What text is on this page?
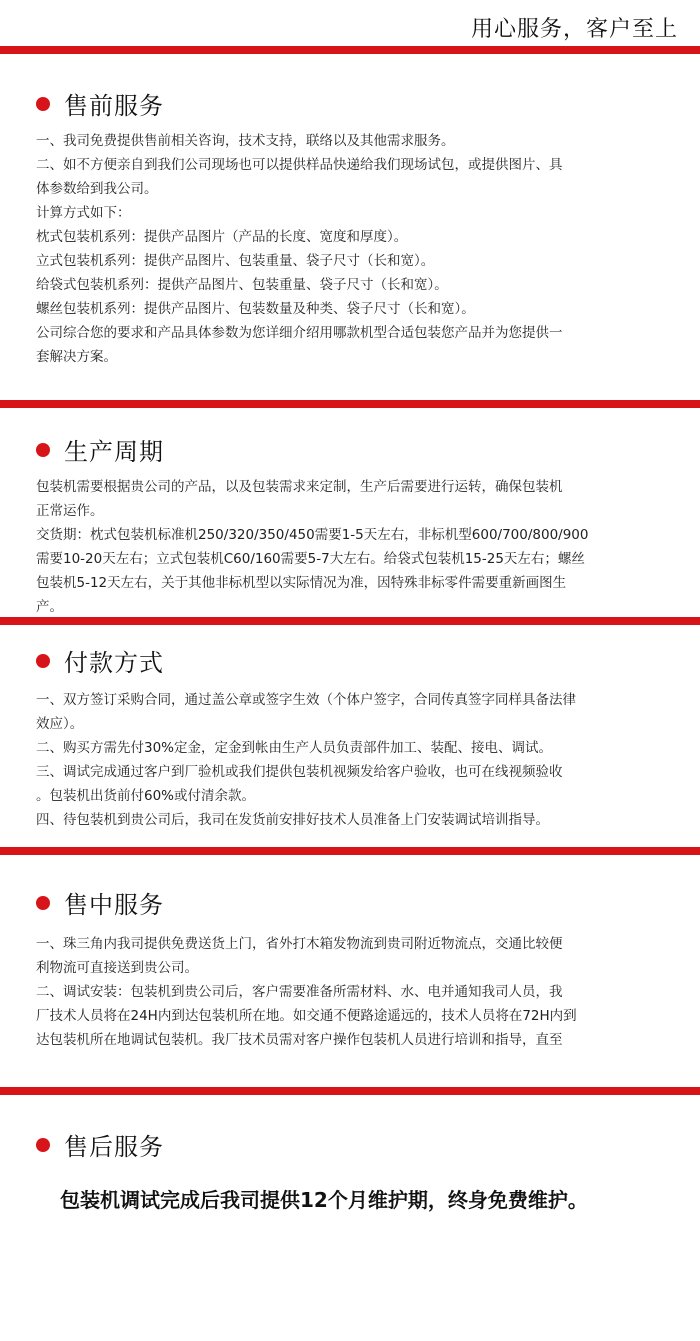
用心服务，客户至上
售前服务

一、我司免费提供售前相关咨询，技术支持，联络以及其他需求服务。

二、如不方便亲自到我们公司现场也可以提供样品快递给我们现场试包，或提供图片、具

体参数给到我公司。

计算方式如下：

枕式包装机系列：提供产品图片（产品的长度、宽度和厚度）。

立式包装机系列：提供产品图片、包装重量、袋子尺寸（长和宽）。

给袋式包装机系列：提供产品图片、包装重量、袋子尺寸（长和宽）。

螺丝包装机系列：提供产品图片、包装数量及种类、袋子尺寸（长和宽）。

公司综合您的要求和产品具体参数为您详细介绍用哪款机型合适包装您产品并为您提供一

套解决方案。

生产周期

包装机需要根据贵公司的产品，以及包装需求来定制，生产后需要进行运转，确保包装机

正常运作。

交货期：枕式包装机标准机250/320/350/450需要1-5天左右，非标机型600/700/800/900

需要10-20天左右；立式包装机C60/160需要5-7大左右。给袋式包装机15-25天左右；螺丝

包装机5-12天左右，关于其他非标机型以实际情况为准，因特殊非标零件需要重新画图生

产。

付款方式

一、双方签订采购合同，通过盖公章或签字生效（个体户签字，合同传真签字同样具备法律

效应）。

二、购买方需先付30%定金，定金到帐由生产人员负责部件加工、装配、接电、调试。

三、调试完成通过客户到厂验机或我们提供包装机视频发给客户验收，也可在线视频验收

。包装机出货前付60%或付清余款。

四、待包装机到贵公司后，我司在发货前安排好技术人员准备上门安装调试培训指导。

售中服务

一、珠三角内我司提供免费送货上门，省外打木箱发物流到贵司附近物流点，交通比较便

利物流可直接送到贵公司。

二、调试安装：包装机到贵公司后，客户需要准备所需材料、水、电并通知我司人员，我

厂技术人员将在24H内到达包装机所在地。如交通不便路途遥远的，技术人员将在72H内到

达包装机所在地调试包装机。我厂技术员需对客户操作包装机人员进行培训和指导，直至

售后服务

包装机调试完成后我司提供12个月维护期，终身免费维护。
